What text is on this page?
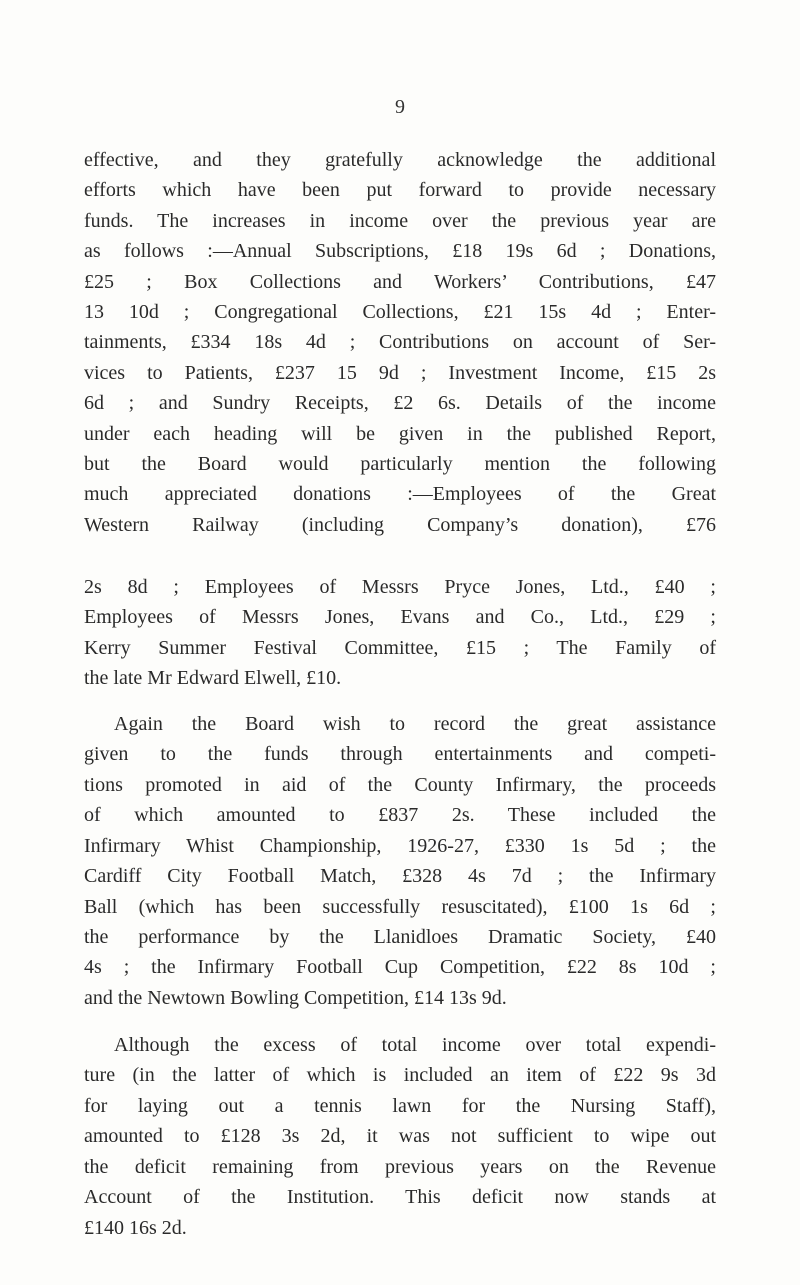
9
effective, and they gratefully acknowledge the additional
efforts which have been put forward to provide necessary
funds. The increases in income over the previous year are
as follows :—Annual Subscriptions, £18 19s 6d ; Donations,
£25 ; Box Collections and Workers’ Contributions, £47
13 10d ; Congregational Collections, £21 15s 4d ; Enter-
tainments, £334 18s 4d ; Contributions on account of Ser-
vices to Patients, £237 15 9d ; Investment Income, £15 2s
6d ; and Sundry Receipts, £2 6s. Details of the income
under each heading will be given in the published Report,
but the Board would particularly mention the following
much appreciated donations :—Employees of the Great
Western Railway (including Company’s donation), £76
2s 8d ; Employees of Messrs Pryce Jones, Ltd., £40 ;
Employees of Messrs Jones, Evans and Co., Ltd., £29 ;
Kerry Summer Festival Committee, £15 ; The Family of
the late Mr Edward Elwell, £10.
Again the Board wish to record the great assistance
given to the funds through entertainments and competi-
tions promoted in aid of the County Infirmary, the proceeds
of which amounted to £837 2s. These included the
Infirmary Whist Championship, 1926-27, £330 1s 5d ; the
Cardiff City Football Match, £328 4s 7d ; the Infirmary
Ball (which has been successfully resuscitated), £100 1s 6d ;
the performance by the Llanidloes Dramatic Society, £40
4s ; the Infirmary Football Cup Competition, £22 8s 10d ;
and the Newtown Bowling Competition, £14 13s 9d.
Although the excess of total income over total expendi-
ture (in the latter of which is included an item of £22 9s 3d
for laying out a tennis lawn for the Nursing Staff),
amounted to £128 3s 2d, it was not sufficient to wipe out
the deficit remaining from previous years on the Revenue
Account of the Institution. This deficit now stands at
£140 16s 2d.
